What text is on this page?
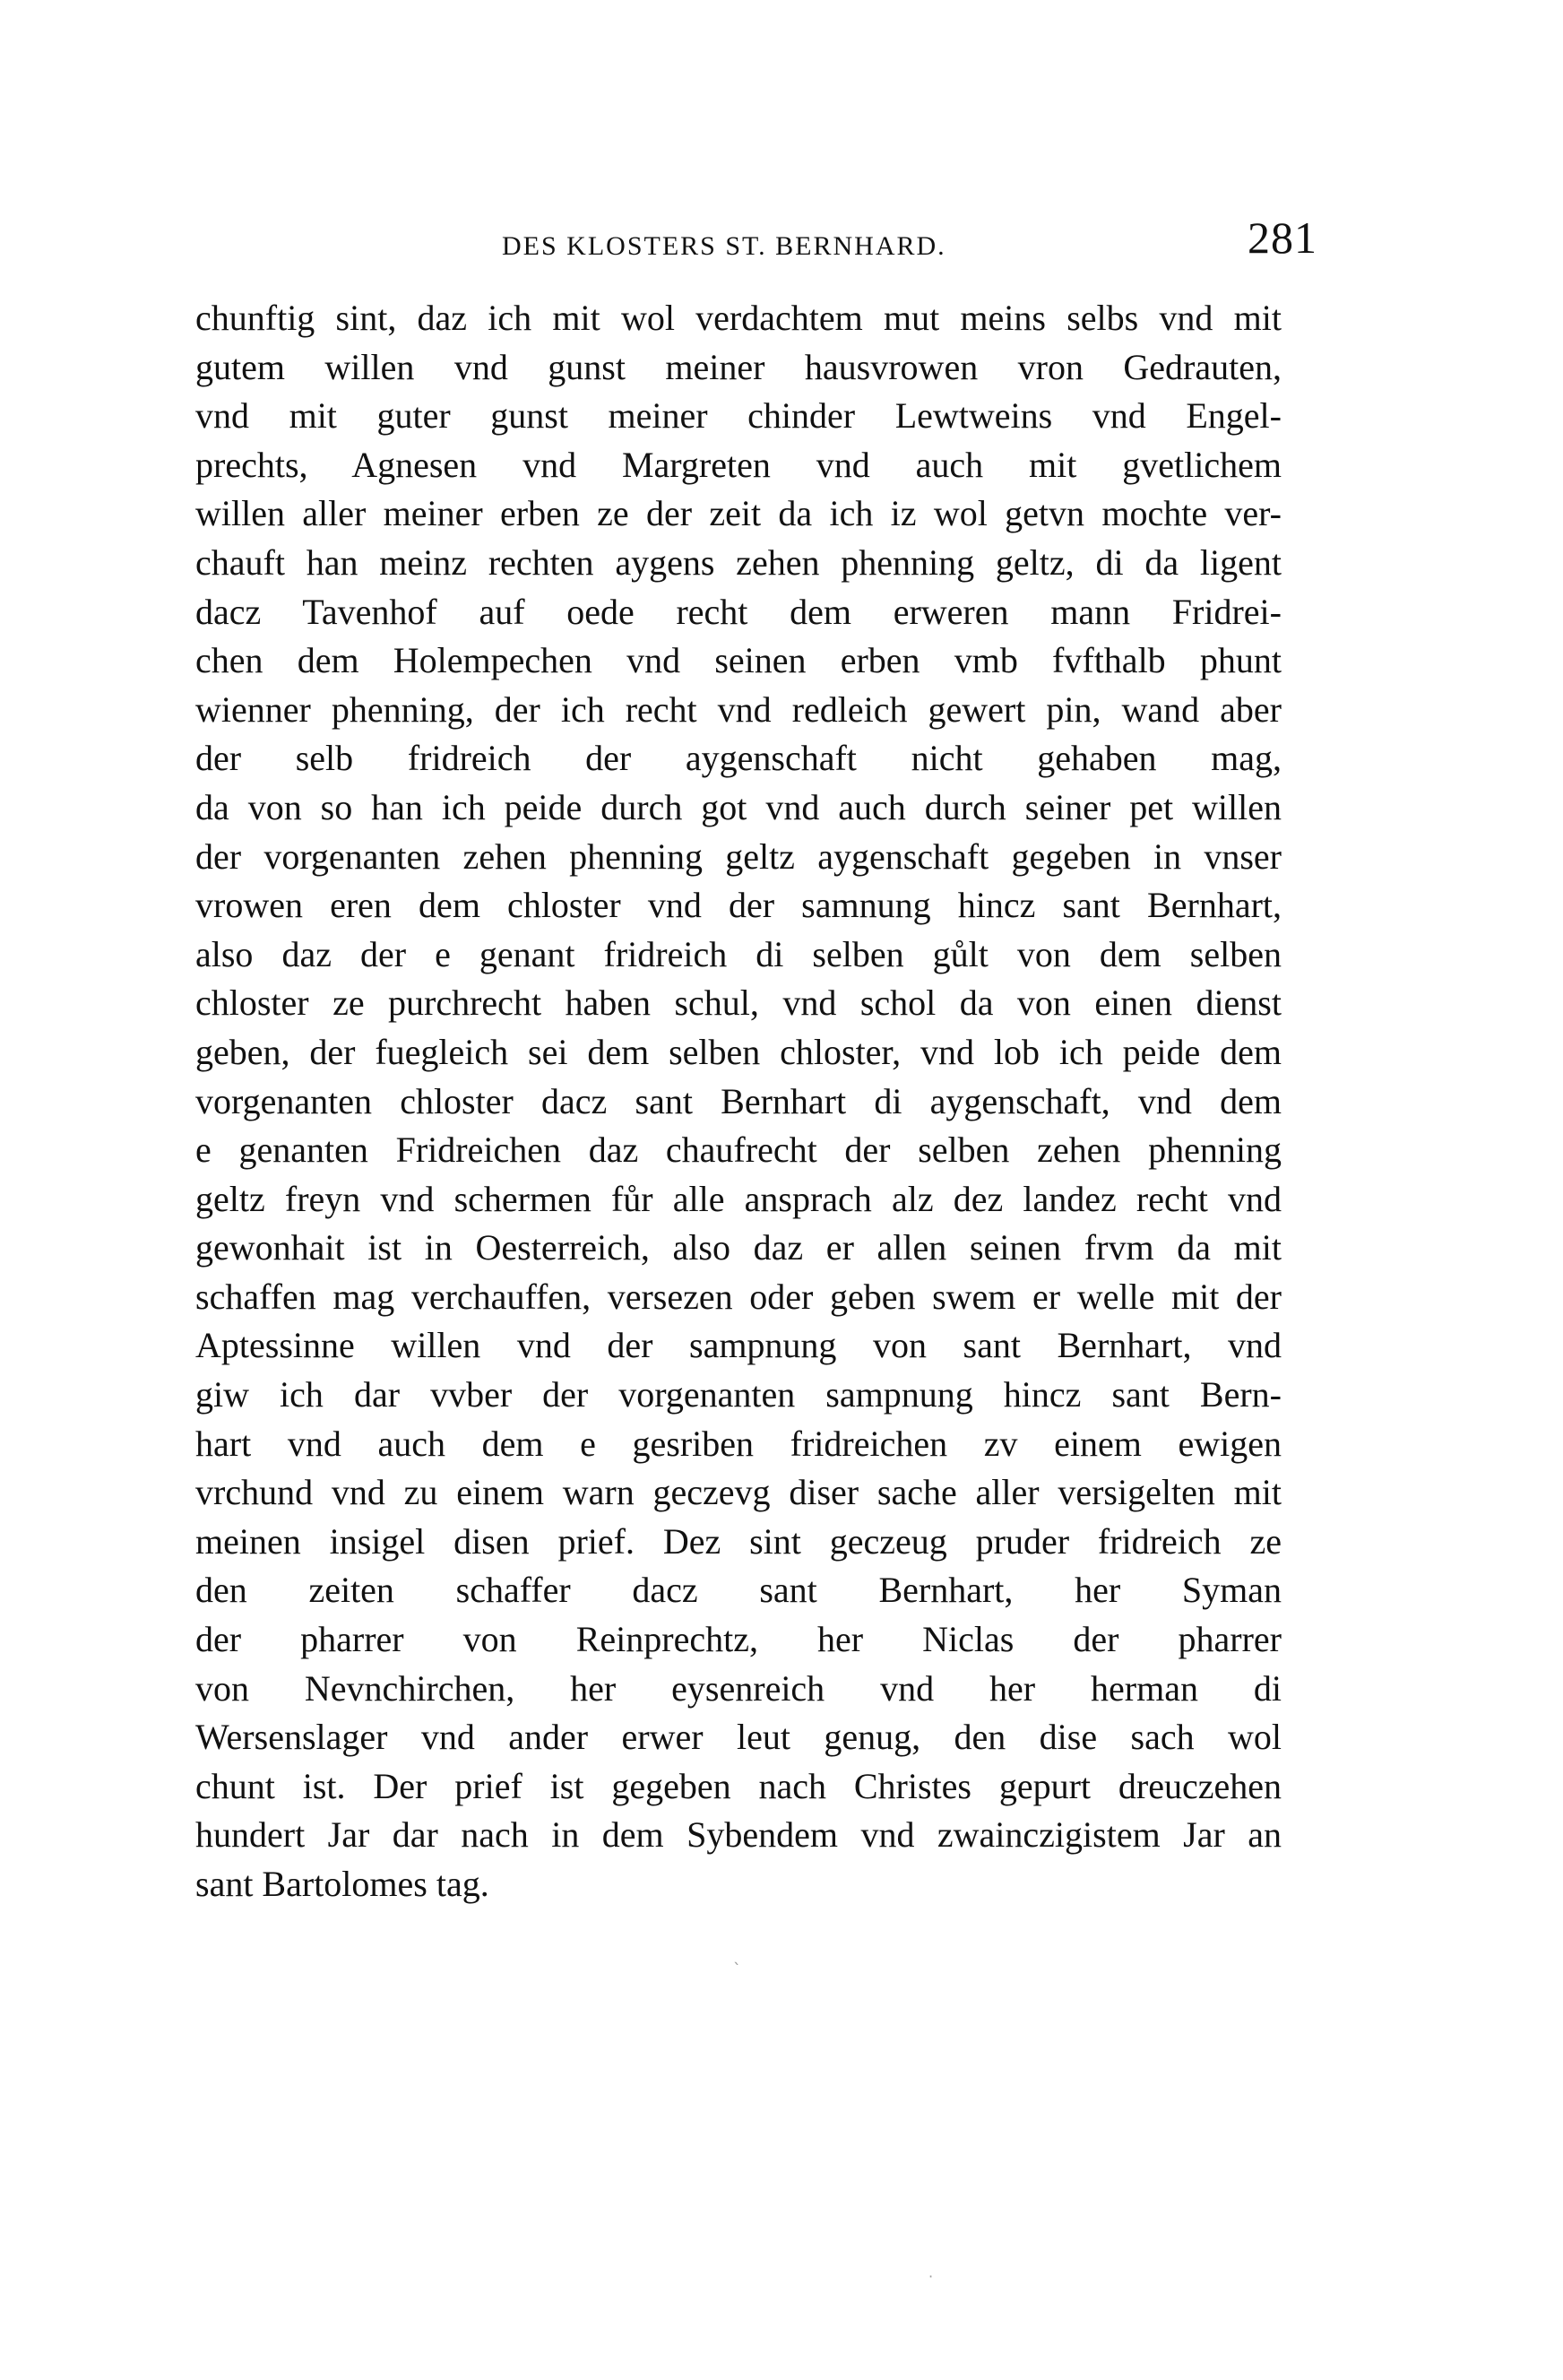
DES KLOSTERS ST. BERNHARD.	281
chunftig sint, daz ich mit wol verdachtem mut meins selbs vnd mit
gutem willen vnd gunst meiner hausvrowen vron Gedrauten,
vnd mit guter gunst meiner chinder Lewtweins vnd Engel-
prechts, Agnesen vnd Margreten vnd auch mit gvetlichem
willen aller meiner erben ze der zeit da ich iz wol getvn mochte ver-
chauft han meinz rechten aygens zehen phenning geltz, di da ligent
dacz Tavenhof auf oede recht dem erweren mann Fridrei-
chen dem Holempechen vnd seinen erben vmb fvfthalb phunt
wienner phenning, der ich recht vnd redleich gewert pin, wand aber
der selb fridreich der aygenschaft nicht gehaben mag,
da von so han ich peide durch got vnd auch durch seiner pet willen
der vorgenanten zehen phenning geltz aygenschaft gegeben in vnser
vrowen eren dem chloster vnd der samnung hincz sant Bernhart,
also daz der e genant fridreich di selben gůlt von dem selben
chloster ze purchrecht haben schul, vnd schol da von einen dienst
geben, der fuegleich sei dem selben chloster, vnd lob ich peide dem
vorgenanten chloster dacz sant Bernhart di aygenschaft, vnd dem
e genanten Fridreichen daz chaufrecht der selben zehen phenning
geltz freyn vnd schermen fůr alle ansprach alz dez landez recht vnd
gewonhait ist in Oesterreich, also daz er allen seinen frvm da mit
schaffen mag verchauffen, versezen oder geben swem er welle mit der
Aptessinne willen vnd der sampnung von sant Bernhart, vnd
giw ich dar vvber der vorgenanten sampnung hincz sant Bern-
hart vnd auch dem e gesriben fridreichen zv einem ewigen
vrchund vnd zu einem warn geczevg diser sache aller versigelten mit
meinen insigel disen prief. Dez sint geczeug pruder fridreich ze
den zeiten schaffer dacz sant Bernhart, her Syman
der pharrer von Reinprechtz, her Niclas der pharrer
von Nevnchirchen, her eysenreich vnd her herman di
Wersenslager vnd ander erwer leut genug, den dise sach wol
chunt ist. Der prief ist gegeben nach Christes gepurt dreuczehen
hundert Jar dar nach in dem Sybendem vnd zwainczigistem Jar an
sant Bartolomes tag.
ˎ
·
